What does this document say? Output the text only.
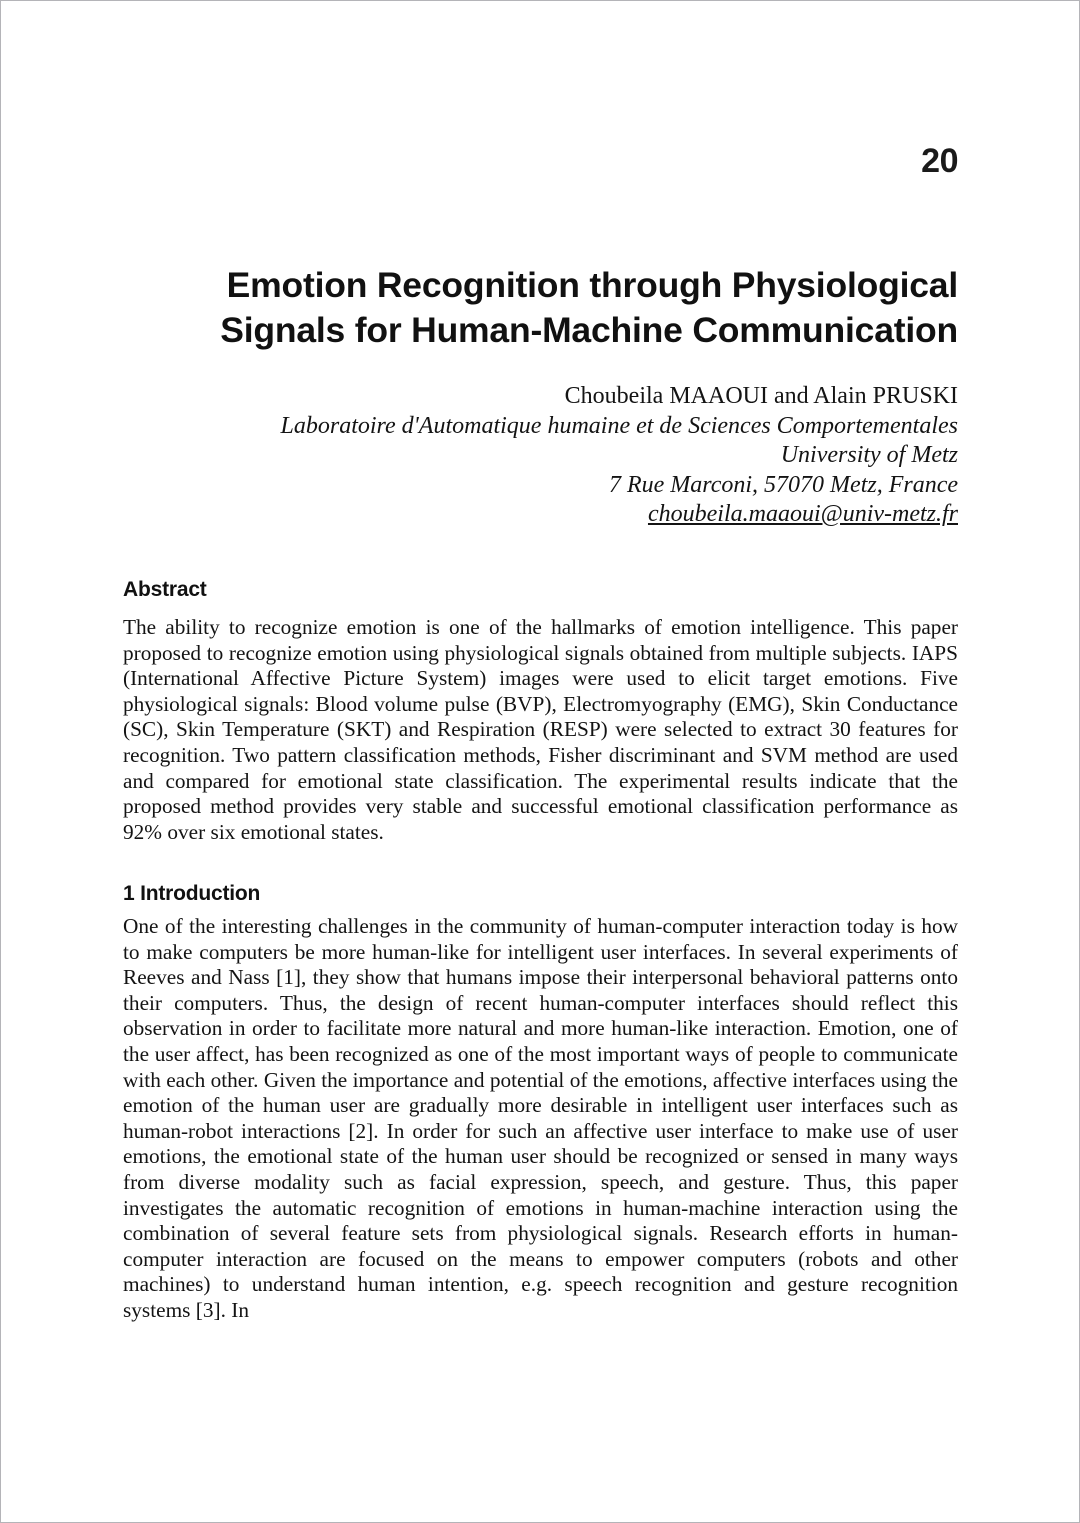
20
Emotion Recognition through Physiological
Signals for Human-Machine Communication
Choubeila MAAOUI and Alain PRUSKI
Laboratoire d'Automatique humaine et de Sciences Comportementales
University of Metz
7 Rue Marconi, 57070 Metz, France
choubeila.maaoui@univ-metz.fr
Abstract
The ability to recognize emotion is one of the hallmarks of emotion intelligence. This paper proposed to recognize emotion using physiological signals obtained from multiple subjects. IAPS (International Affective Picture System) images were used to elicit target emotions. Five physiological signals: Blood volume pulse (BVP), Electromyography (EMG), Skin Conductance (SC), Skin Temperature (SKT) and Respiration (RESP) were selected to extract 30 features for recognition. Two pattern classification methods, Fisher discriminant and SVM method are used and compared for emotional state classification. The experimental results indicate that the proposed method provides very stable and successful emotional classification performance as 92% over six emotional states.
1 Introduction
One of the interesting challenges in the community of human-computer interaction today is how to make computers be more human-like for intelligent user interfaces. In several experiments of Reeves and Nass [1], they show that humans impose their interpersonal behavioral patterns onto their computers. Thus, the design of recent human-computer interfaces should reflect this observation in order to facilitate more natural and more human-like interaction. Emotion, one of the user affect, has been recognized as one of the most important ways of people to communicate with each other. Given the importance and potential of the emotions, affective interfaces using the emotion of the human user are gradually more desirable in intelligent user interfaces such as human-robot interactions [2]. In order for such an affective user interface to make use of user emotions, the emotional state of the human user should be recognized or sensed in many ways from diverse modality such as facial expression, speech, and gesture. Thus, this paper investigates the automatic recognition of emotions in human-machine interaction using the combination of several feature sets from physiological signals. Research efforts in human-computer interaction are focused on the means to empower computers (robots and other machines) to understand human intention, e.g. speech recognition and gesture recognition systems [3]. In
